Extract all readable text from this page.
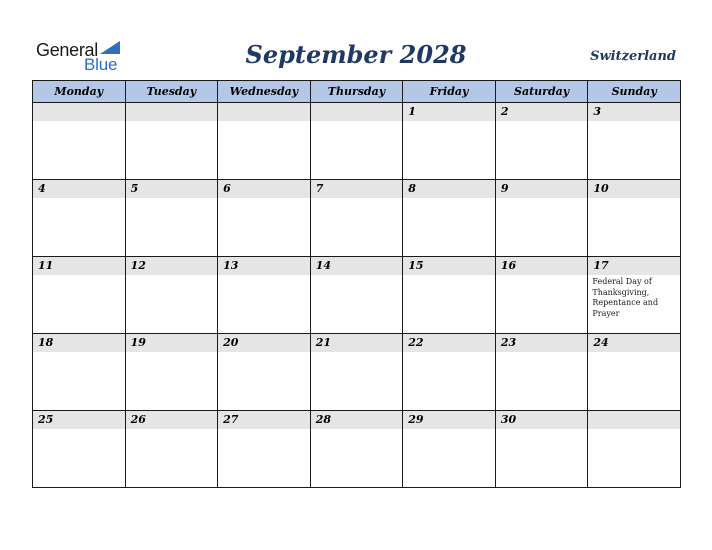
General
Blue	September 2028	Switzerland
Monday	Tuesday	Wednesday	Thursday	Friday	Saturday	Sunday

				1	2	3

4	5	6	7	8	9	10

11	12	13	14	15	16	17
Federal Day of Thanksgiving, Repentance and Prayer

18	19	20	21	22	23	24

25	26	27	28	29	30	
